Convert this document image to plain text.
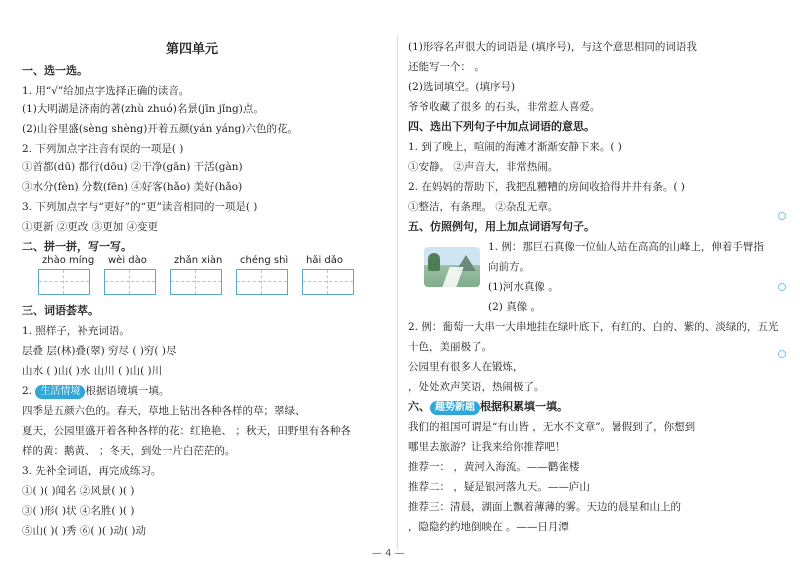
第四单元
一、选一选。
1. 用“√”给加点字选择正确的读音。
(1)大明湖是济南的著(zhù zhuó)名景(jīn jǐng)点。
(2)山谷里盛(sèng shèng)开着五颜(yán yáng)六色的花。
2. 下列加点字注音有误的一项是( )
①首都(dū) 都行(dōu) ②干净(gān) 干活(gàn)
③水分(fèn) 分数(fēn) ④好客(hǎo) 美好(hǎo)
3. 下列加点字与“更好”的“更”读音相同的一项是( )
①更新 ②更改 ③更加 ④变更
二、拼一拼，写一写。
三、词语荟萃。
1. 照样子，补充词语。
层叠 层(林)叠(翠) 穷尽 ( )穷( )尽
山水 ( )山( )水 山川 ( )山( )川
四季是五颜六色的。春天，草地上钻出各种各样的草；翠绿、
夏天，公园里盛开着各种各样的花：红艳艳、 ；秋天，田野里有各种各
样的黄：鹅黄、 ；冬天，到处一片白茫茫的。
3. 先补全词语，再完成练习。
①( )( )闻名 ②风景( )( )
③( )形( )状 ④名胜( )( )
⑤山( )( )秀 ⑥( )( )动( )动
(1)形容名声很大的词语是 (填序号)，与这个意思相同的词语我
还能写一个： 。
(2)选词填空。(填序号)
爷爷收藏了很多 的石头，非常惹人喜爱。
四、选出下列句子中加点词语的意思。
1. 到了晚上，喧闹的海滩才渐渐安静下来。( )
①安静。 ②声音大，非常热闹。
2. 在妈妈的帮助下，我把乱糟糟的房间收拾得井井有条。( )
①整洁，有条理。 ②杂乱无章。
五、仿照例句，用上加点词语写句子。
1. 例：那巨石真像一位仙人站在高高的山峰上，伸着手臂指
向前方。
(1)河水真像 。
(2) 真像 。
2. 例：葡萄一大串一大串地挂在绿叶底下，有红的、白的、紫的、淡绿的，五光
十色，美丽极了。
公园里有很多人在锻炼，
，处处欢声笑语，热闹极了。
我们的祖国可谓是“有山皆 ，无水不文章”。暑假到了，你想到
哪里去旅游？让我来给你推荐吧！
推荐一： ，黄河入海流。——鹳雀楼
推荐二： ，疑是银河落九天。——庐山
推荐三：清晨，湖面上飘着薄薄的雾。天边的晨星和山上的
，隐隐约约地倒映在 。——日月潭
2. 生活情境 根据语境填一填。
六、 趣势新题 根据积累填一填。
zhào míng wèi dào	zhǎn xiàn chéng shì hǎi dǎo
— 4 —
